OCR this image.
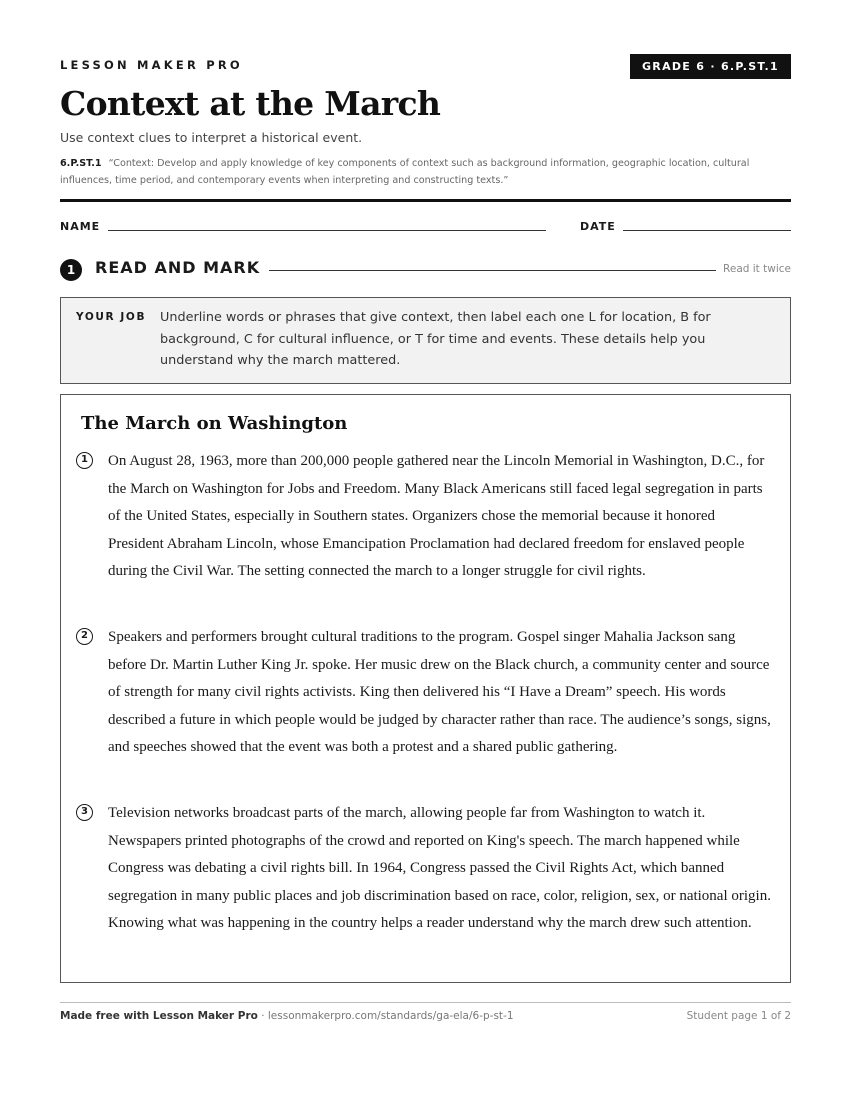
LESSON MAKER PRO	GRADE 6 · 6.P.ST.1
Context at the March
Use context clues to interpret a historical event.
6.P.ST.1 “Context: Develop and apply knowledge of key components of context such as background information, geographic location, cultural influences, time period, and contemporary events when interpreting and constructing texts.”
NAME	DATE
1	READ AND MARK	Read it twice
YOUR JOB Underline words or phrases that give context, then label each one L for location, B for background, C for cultural influence, or T for time and events. These details help you understand why the march mattered.
The March on Washington
1	On August 28, 1963, more than 200,000 people gathered near the Lincoln Memorial in Washington, D.C., for the March on Washington for Jobs and Freedom. Many Black Americans still faced legal segregation in parts of the United States, especially in Southern states. Organizers chose the memorial because it honored President Abraham Lincoln, whose Emancipation Proclamation had declared freedom for enslaved people during the Civil War. The setting connected the march to a longer struggle for civil rights.

2	Speakers and performers brought cultural traditions to the program. Gospel singer Mahalia Jackson sang before Dr. Martin Luther King Jr. spoke. Her music drew on the Black church, a community center and source of strength for many civil rights activists. King then delivered his “I Have a Dream” speech. His words described a future in which people would be judged by character rather than race. The audience’s songs, signs, and speeches showed that the event was both a protest and a shared public gathering.

3	Television networks broadcast parts of the march, allowing people far from Washington to watch it. Newspapers printed photographs of the crowd and reported on King's speech. The march happened while Congress was debating a civil rights bill. In 1964, Congress passed the Civil Rights Act, which banned segregation in many public places and job discrimination based on race, color, religion, sex, or national origin. Knowing what was happening in the country helps a reader understand why the march drew such attention.

Made free with Lesson Maker Pro · lessonmakerpro.com/standards/ga-ela/6-p-st-1	Student page 1 of 2
